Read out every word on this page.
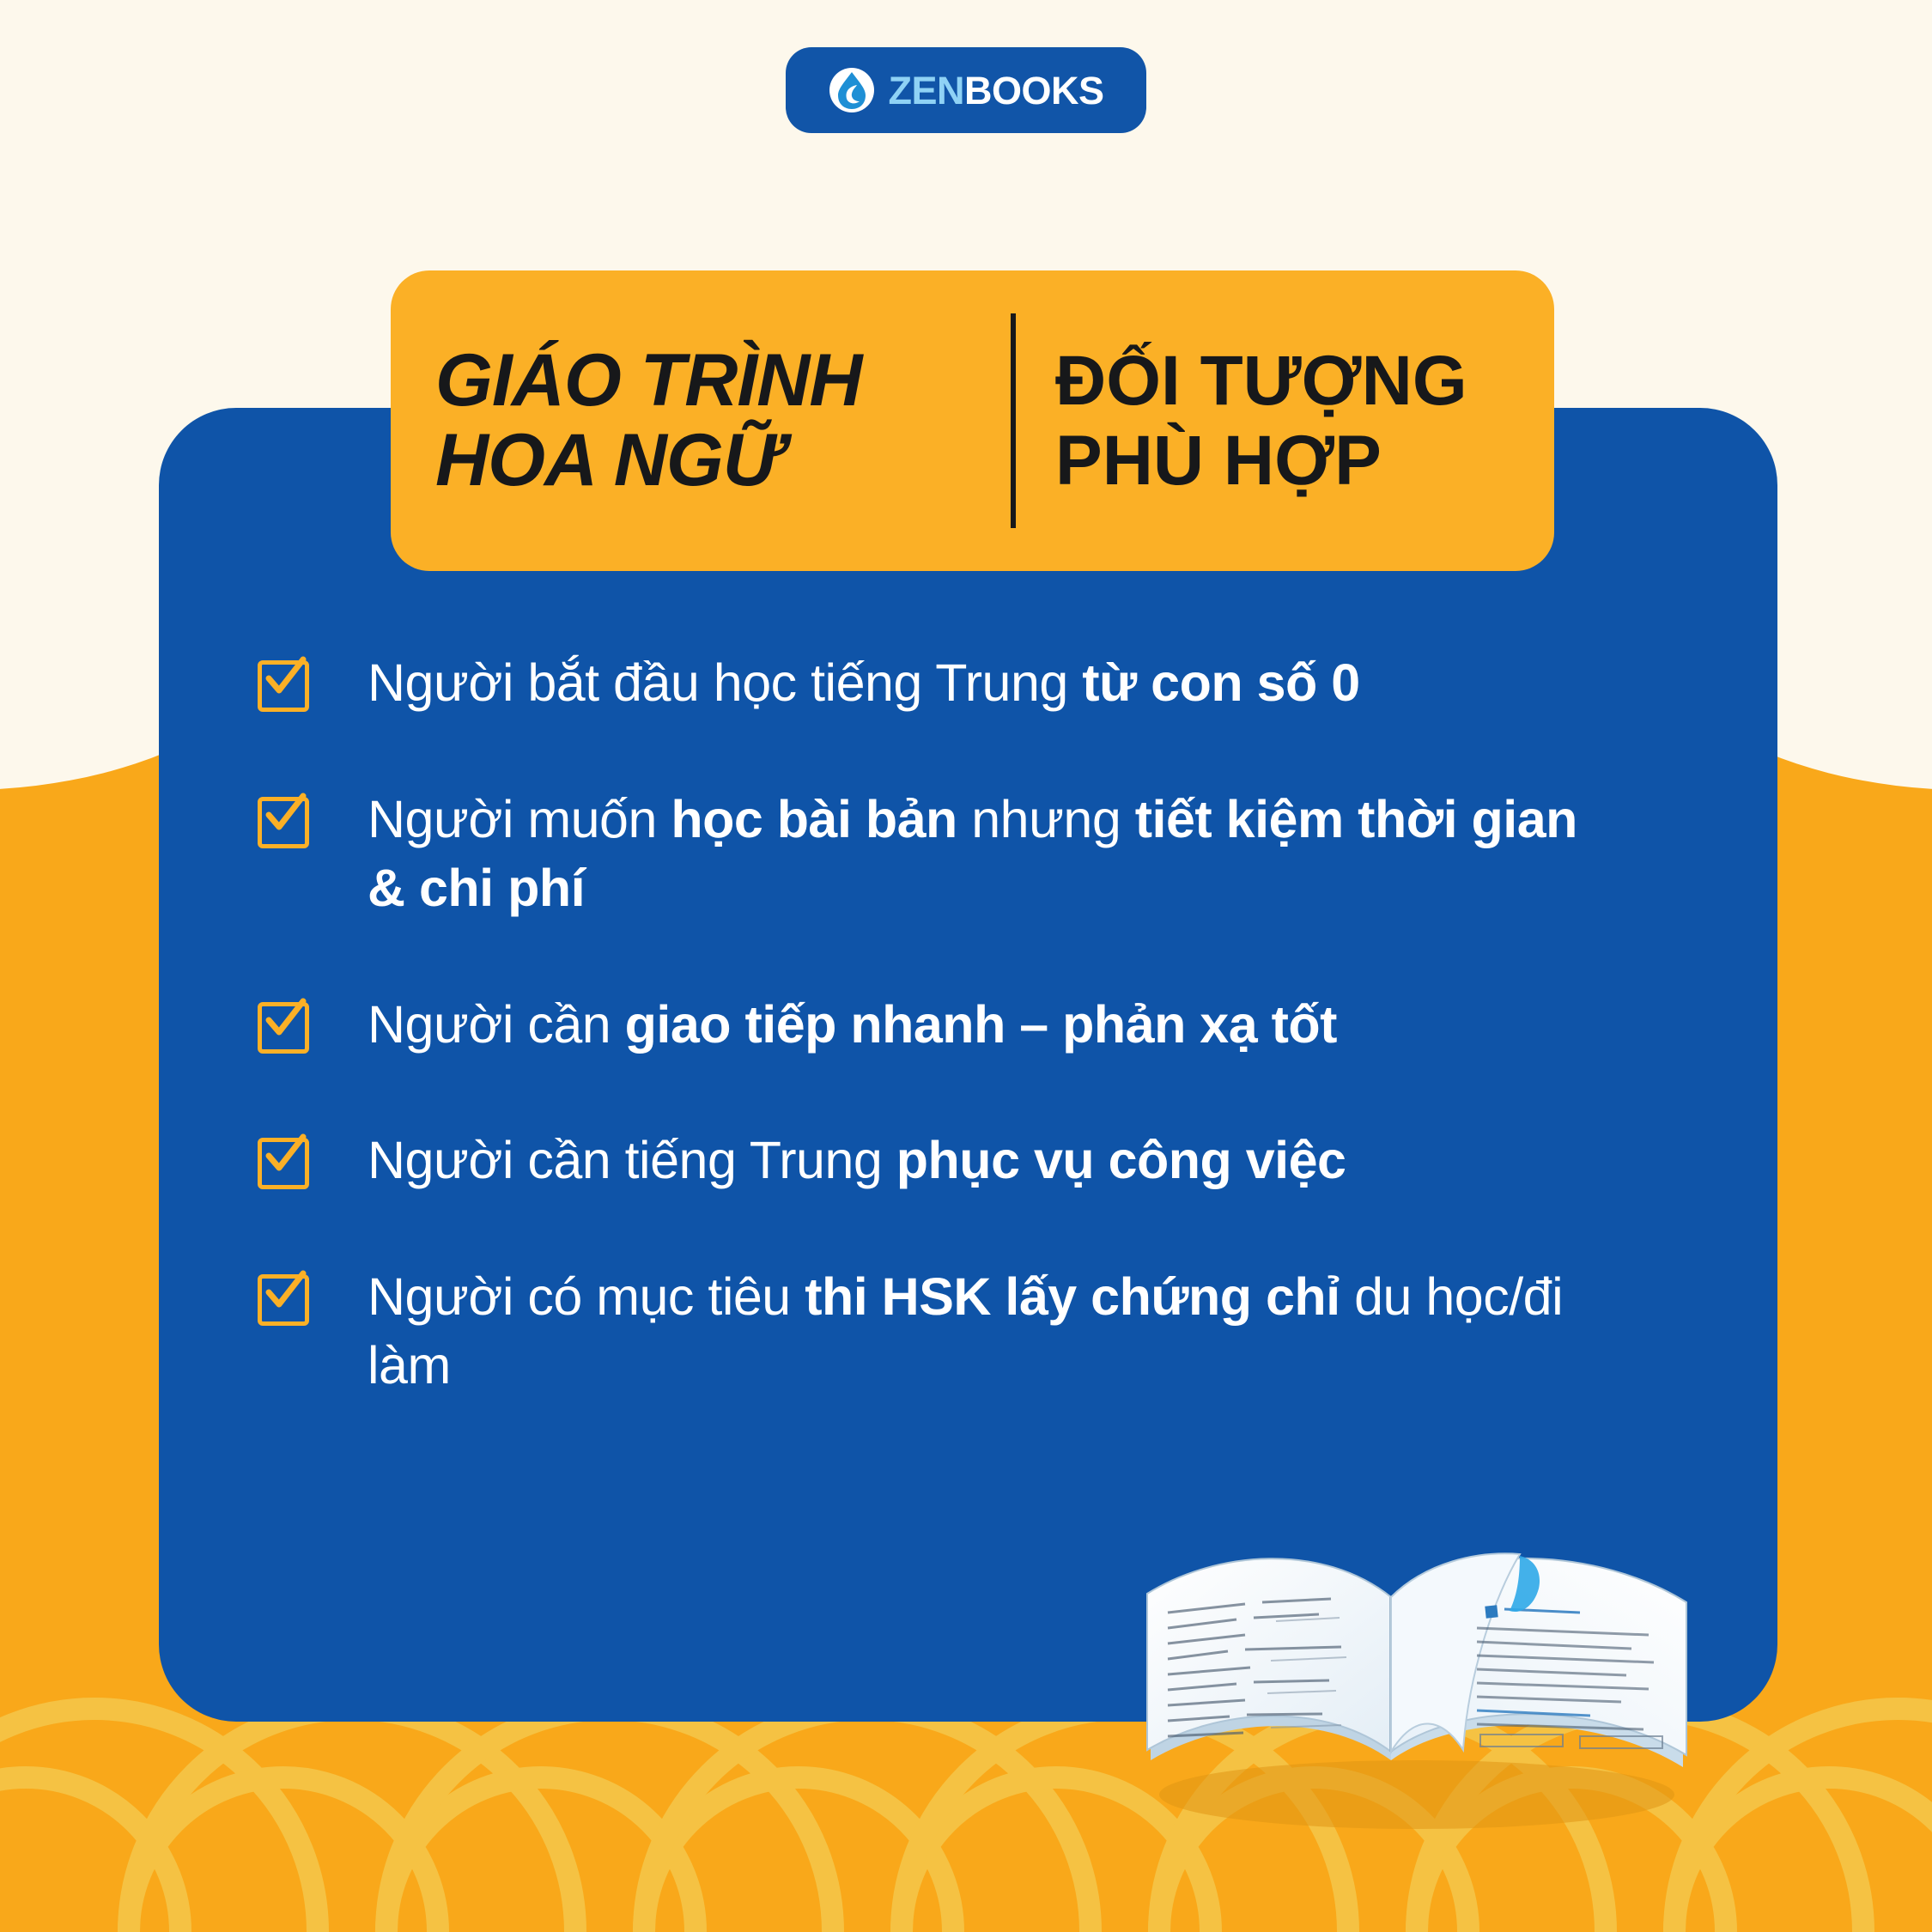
ZENBOOKS
GIÁO TRÌNH
HOA NGỮ
ĐỐI TƯỢNG
PHÙ HỢP
Người bắt đầu học tiếng Trung từ con số 0
Người muốn học bài bản nhưng tiết kiệm thời gian & chi phí
Người cần giao tiếp nhanh – phản xạ tốt
Người cần tiếng Trung phục vụ công việc
Người có mục tiêu thi HSK lấy chứng chỉ du học/đi làm
